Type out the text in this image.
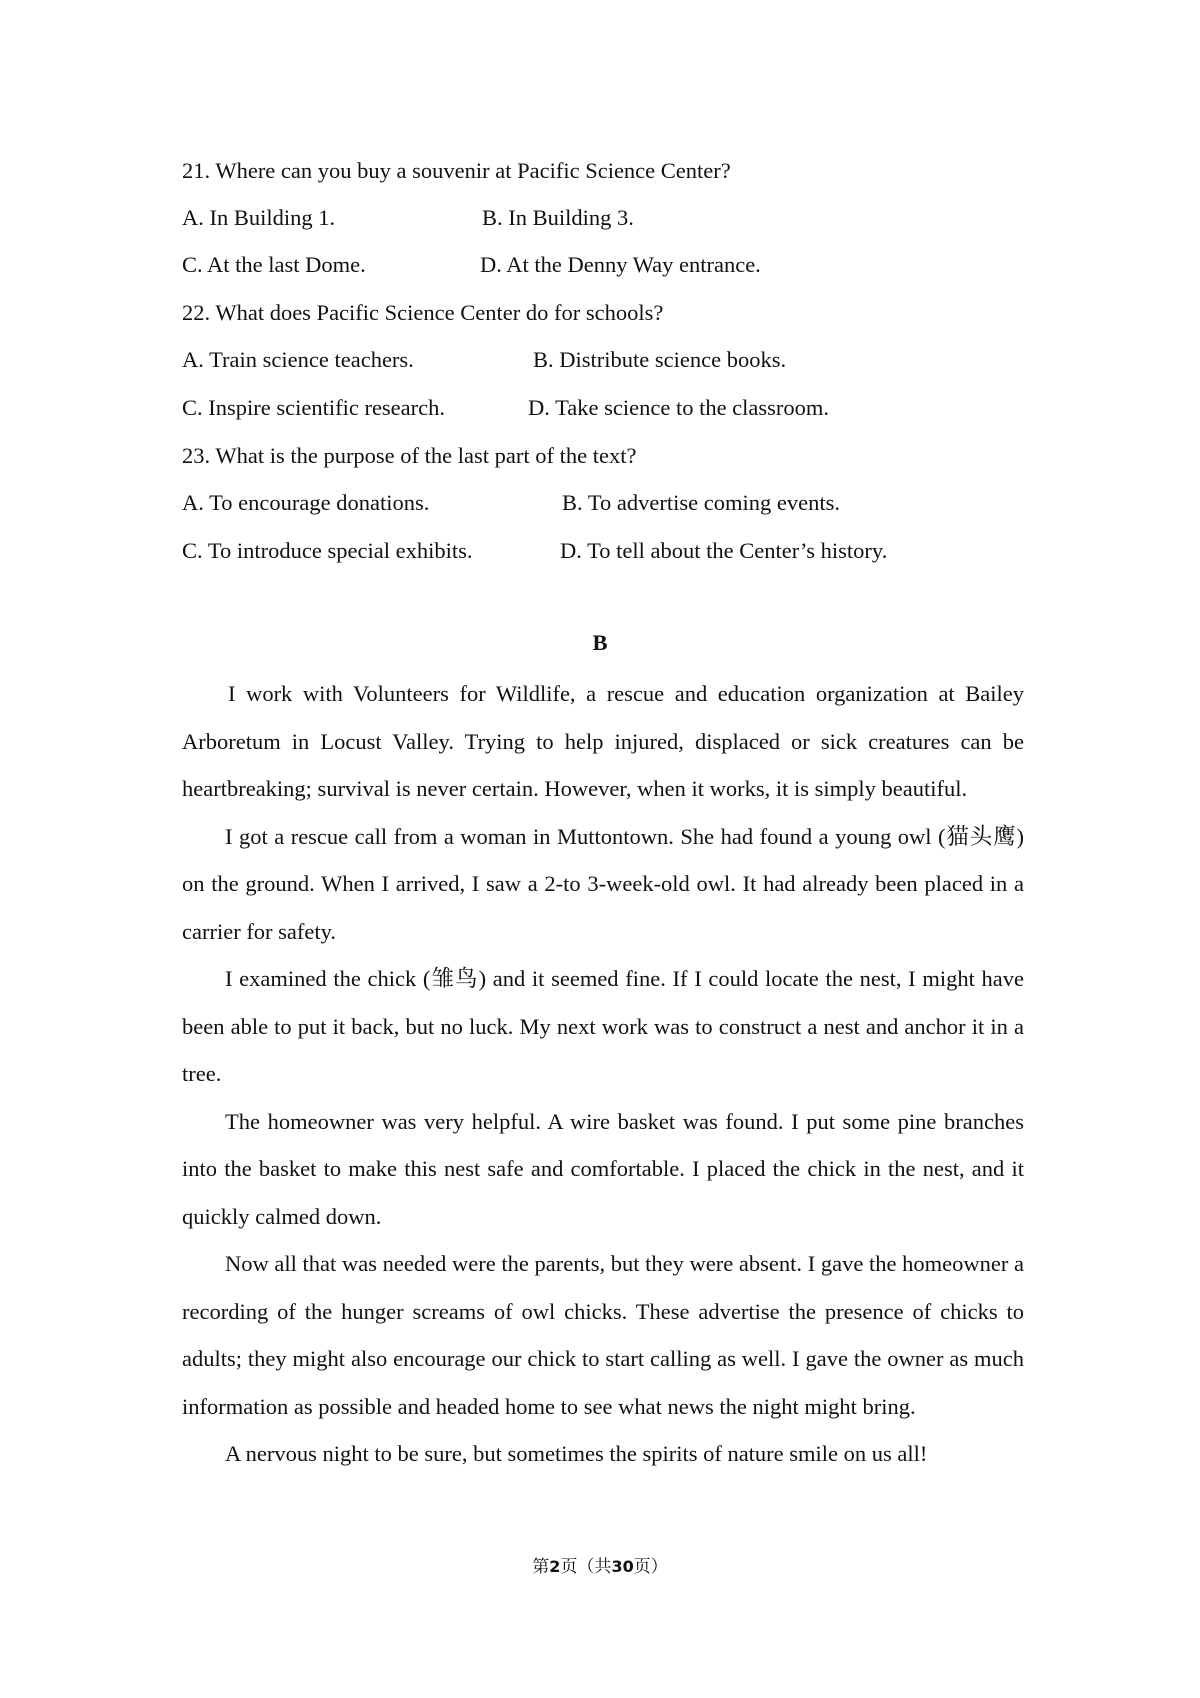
21. Where can you buy a souvenir at Pacific Science Center?
A. In Building 1.	B. In Building 3.
C. At the last Dome.	D. At the Denny Way entrance.
22. What does Pacific Science Center do for schools?
A. Train science teachers.	B. Distribute science books.
C. Inspire scientific research.	D. Take science to the classroom.
23. What is the purpose of the last part of the text?
A. To encourage donations.	B. To advertise coming events.
C. To introduce special exhibits.	D. To tell about the Center’s history.
B

I work with Volunteers for Wildlife, a rescue and education organization at Bailey Arboretum in Locust Valley. Trying to help injured, displaced or sick creatures can be heartbreaking; survival is never certain. However, when it works, it is simply beautiful.

I got a rescue call from a woman in Muttontown. She had found a young owl (猫头鹰) on the ground. When I arrived, I saw a 2-to 3-week-old owl. It had already been placed in a carrier for safety.

I examined the chick (雏鸟) and it seemed fine. If I could locate the nest, I might have been able to put it back, but no luck. My next work was to construct a nest and anchor it in a tree.

The homeowner was very helpful. A wire basket was found. I put some pine branches into the basket to make this nest safe and comfortable. I placed the chick in the nest, and it quickly calmed down.

Now all that was needed were the parents, but they were absent. I gave the homeowner a recording of the hunger screams of owl chicks. These advertise the presence of chicks to adults; they might also encourage our chick to start calling as well. I gave the owner as much information as possible and headed home to see what news the night might bring.

A nervous night to be sure, but sometimes the spirits of nature smile on us all!

第2页（共30页）
